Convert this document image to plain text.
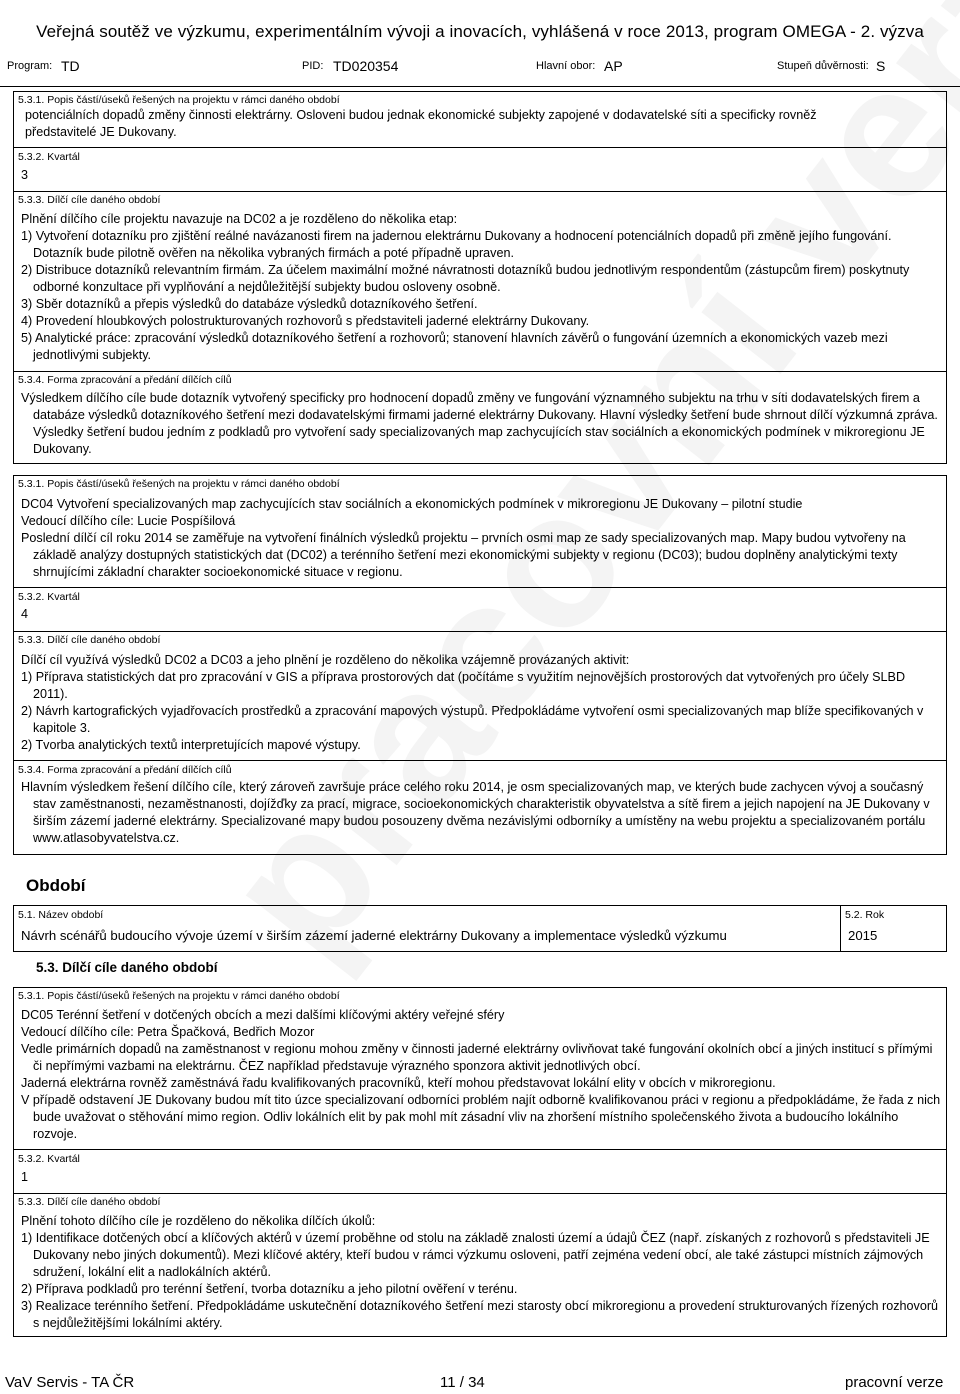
Veřejná soutěž ve výzkumu, experimentálním vývoji a inovacích, vyhlášená v roce 2013, program OMEGA - 2. výzva
Program: TD	PID: TD020354	Hlavní obor: AP	Stupeň důvěrnosti: S
5.3.1. Popis částí/úseků řešených na projektu v rámci daného období

potenciálních dopadů změny činnosti elektrárny. Osloveni budou jednak ekonomické subjekty zapojené v dodavatelské síti a specificky rovněž

představitelé JE Dukovany.

5.3.2. Kvartál
3
5.3.3. Dílčí cíle daného období

Plnění dílčího cíle projektu navazuje na DC02 a je rozděleno do několika etap:

1) Vytvoření dotazníku pro zjištění reálné navázanosti firem na jadernou elektrárnu Dukovany a hodnocení potenciálních dopadů při změně jejího fungování. Dotazník bude pilotně ověřen na několika vybraných firmách a poté případně upraven.

2) Distribuce dotazníků relevantním firmám. Za účelem maximální možné návratnosti dotazníků budou jednotlivým respondentům (zástupcům firem) poskytnuty odborné konzultace při vyplňování a nejdůležitější subjekty budou osloveny osobně.

3) Sběr dotazníků a přepis výsledků do databáze výsledků dotazníkového šetření.

4) Provedení hloubkových polostrukturovaných rozhovorů s představiteli jaderné elektrárny Dukovany.

5) Analytické práce: zpracování výsledků dotazníkového šetření a rozhovorů; stanovení hlavních závěrů o fungování územních a ekonomických vazeb mezi jednotlivými subjekty.

5.3.4. Forma zpracování a předání dílčích cílů
Výsledkem dílčího cíle bude dotazník vytvořený specificky pro hodnocení dopadů změny ve fungování významného subjektu na trhu v síti dodavatelských firem a databáze výsledků dotazníkového šetření mezi dodavatelskými firmami jaderné elektrárny Dukovany. Hlavní výsledky šetření bude shrnout dílčí výzkumná zpráva. Výsledky šetření budou jedním z podkladů pro vytvoření sady specializovaných map zachycujících stav sociálních a ekonomických podmínek v mikroregionu JE Dukovany.
5.3.1. Popis částí/úseků řešených na projektu v rámci daného období

DC04 Vytvoření specializovaných map zachycujících stav sociálních a ekonomických podmínek v mikroregionu JE Dukovany – pilotní studie

Vedoucí dílčího cíle: Lucie Pospíšilová

Poslední dílčí cíl roku 2014 se zaměřuje na vytvoření finálních výsledků projektu – prvních osmi map ze sady specializovaných map. Mapy budou vytvořeny na základě analýzy dostupných statistických dat (DC02) a terénního šetření mezi ekonomickými subjekty v regionu (DC03); budou doplněny analytickými texty shrnujícími základní charakter socioekonomické situace v regionu.

5.3.2. Kvartál
4
5.3.3. Dílčí cíle daného období

Dílčí cíl využívá výsledků DC02 a DC03 a jeho plnění je rozděleno do několika vzájemně provázaných aktivit:

1) Příprava statistických dat pro zpracování v GIS a příprava prostorových dat (počítáme s využitím nejnovějších prostorových dat vytvořených pro účely SLBD 2011).

2) Návrh kartografických vyjadřovacích prostředků a zpracování mapových výstupů. Předpokládáme vytvoření osmi specializovaných map blíže specifikovaných v kapitole 3.

2) Tvorba analytických textů interpretujících mapové výstupy.

5.3.4. Forma zpracování a předání dílčích cílů
Hlavním výsledkem řešení dílčího cíle, který zároveň završuje práce celého roku 2014, je osm specializovaných map, ve kterých bude zachycen vývoj a současný stav zaměstnanosti, nezaměstnanosti, dojížďky za prací, migrace, socioekonomických charakteristik obyvatelstva a sítě firem a jejich napojení na JE Dukovany v širším zázemí jaderné elektrárny. Specializované mapy budou posouzeny dvěma nezávislými odborníky a umístěny na webu projektu a specializovaném portálu www.atlasobyvatelstva.cz.
Období
5.1. Název období
Návrh scénářů budoucího vývoje území v širším zázemí jaderné elektrárny Dukovany a implementace výsledků výzkumu
5.2. Rok
2015
5.3. Dílčí cíle daného období
5.3.1. Popis částí/úseků řešených na projektu v rámci daného období

DC05 Terénní šetření v dotčených obcích a mezi dalšími klíčovými aktéry veřejné sféry

Vedoucí dílčího cíle: Petra Špačková, Bedřich Mozor

Vedle primárních dopadů na zaměstnanost v regionu mohou změny v činnosti jaderné elektrárny ovlivňovat také fungování okolních obcí a jiných institucí s přímými či nepřímými vazbami na elektrárnu. ČEZ například představuje výrazného sponzora aktivit jednotlivých obcí.

Jaderná elektrárna rovněž zaměstnává řadu kvalifikovaných pracovníků, kteří mohou představovat lokální elity v obcích v mikroregionu.

V případě odstavení JE Dukovany budou mít tito úzce specializovaní odborníci problém najít odborně kvalifikovanou práci v regionu a předpokládáme, že řada z nich bude uvažovat o stěhování mimo region. Odliv lokálních elit by pak mohl mít zásadní vliv na zhoršení místního společenského života a budoucího lokálního rozvoje.

5.3.2. Kvartál
1
5.3.3. Dílčí cíle daného období

Plnění tohoto dílčího cíle je rozděleno do několika dílčích úkolů:

1) Identifikace dotčených obcí a klíčových aktérů v území proběhne od stolu na základě znalosti území a údajů ČEZ (např. získaných z rozhovorů s představiteli JE Dukovany nebo jiných dokumentů). Mezi klíčové aktéry, kteří budou v rámci výzkumu osloveni, patří zejména vedení obcí, ale také zástupci místních zájmových sdružení, lokální elit a nadlokálních aktérů.

2) Příprava podkladů pro terénní šetření, tvorba dotazníku a jeho pilotní ověření v terénu.

3) Realizace terénního šetření. Předpokládáme uskutečnění dotazníkového šetření mezi starosty obcí mikroregionu a provedení strukturovaných řízených rozhovorů s nejdůležitějšími lokálními aktéry.

VaV Servis - TA ČR	11 / 34	pracovní verze
